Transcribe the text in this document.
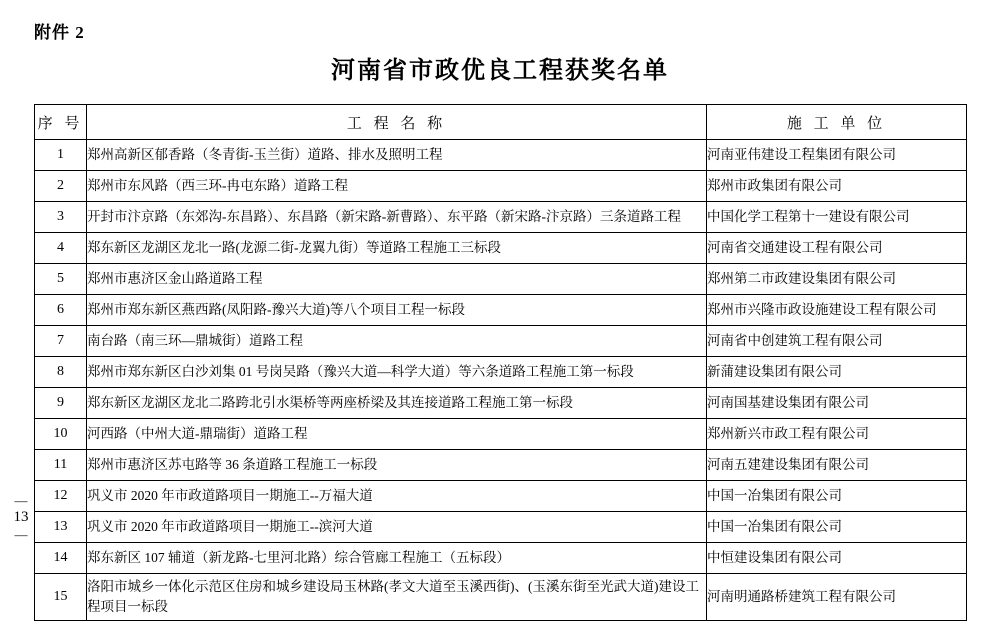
附件 2
河南省市政优良工程获奖名单
—
13
—
序 号	工 程 名 称	施 工 单 位
1	郑州高新区郁香路（冬青街-玉兰街）道路、排水及照明工程	河南亚伟建设工程集团有限公司
2	郑州市东风路（西三环-冉屯东路）道路工程	郑州市政集团有限公司
3	开封市汴京路（东郊沟-东昌路）、东昌路（新宋路-新曹路）、东平路（新宋路-汴京路）三条道路工程	中国化学工程第十一建设有限公司
4	郑东新区龙湖区龙北一路(龙源二街-龙翼九街）等道路工程施工三标段	河南省交通建设工程有限公司
5	郑州市惠济区金山路道路工程	郑州第二市政建设集团有限公司
6	郑州市郑东新区燕西路(凤阳路-豫兴大道)等八个项目工程一标段	郑州市兴隆市政设施建设工程有限公司
7	南台路（南三环—鼎城街）道路工程	河南省中创建筑工程有限公司
8	郑州市郑东新区白沙刘集 01 号岗吴路（豫兴大道—科学大道）等六条道路工程施工第一标段	新蒲建设集团有限公司
9	郑东新区龙湖区龙北二路跨北引水渠桥等两座桥梁及其连接道路工程施工第一标段	河南国基建设集团有限公司
10	河西路（中州大道-鼎瑞街）道路工程	郑州新兴市政工程有限公司
11	郑州市惠济区苏屯路等 36 条道路工程施工一标段	河南五建建设集团有限公司
12	巩义市 2020 年市政道路项目一期施工--万福大道	中国一冶集团有限公司
13	巩义市 2020 年市政道路项目一期施工--滨河大道	中国一冶集团有限公司
14	郑东新区 107 辅道（新龙路-七里河北路）综合管廊工程施工（五标段）	中恒建设集团有限公司
15	洛阳市城乡一体化示范区住房和城乡建设局玉林路(孝文大道至玉溪西街)、(玉溪东街至光武大道)建设工程项目一标段	河南明通路桥建筑工程有限公司
